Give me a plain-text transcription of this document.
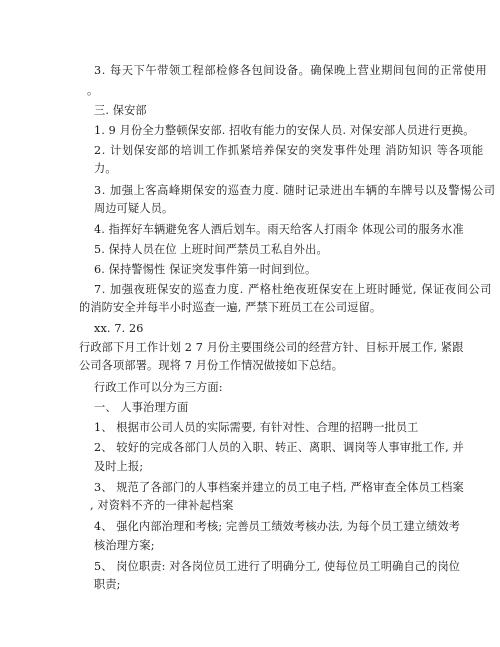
3. 每天下午带领工程部检修各包间设备。确保晚上营业期间包间的正常使用
。
三. 保安部
1. 9 月份全力整顿保安部. 招收有能力的安保人员. 对保安部人员进行更换。
2. 计划保安部的培训工作抓紧培养保安的突发事件处理 消防知识 等各项能
力。
3. 加强上客高峰期保安的巡查力度. 随时记录进出车辆的车牌号以及警惕公司
周边可疑人员。
4. 指挥好车辆避免客人酒后划车。雨天给客人打雨伞 体现公司的服务水准
5. 保持人员在位 上班时间严禁员工私自外出。
6. 保持警惕性 保证突发事件第一时间到位。
7. 加强夜班保安的巡查力度. 严格杜绝夜班保安在上班时睡觉, 保证夜间公司
的消防安全并每半小时巡查一遍, 严禁下班员工在公司逗留。
xx. 7. 26
行政部下月工作计划 2 7 月份主要围绕公司的经营方针、目标开展工作, 紧跟
公司各项部署。现将 7 月份工作情况做接如下总结。
行政工作可以分为三方面:
一、 人事治理方面
1、 根据市公司人员的实际需要, 有针对性、合理的招聘一批员工
2、 较好的完成各部门人员的入职、转正、离职、调岗等人事审批工作, 并
及时上报;
3、 规范了各部门的人事档案并建立的员工电子档, 严格审查全体员工档案
, 对资料不齐的一律补起档案
4、 强化内部治理和考核; 完善员工绩效考核办法, 为每个员工建立绩效考
核治理方案;
5、 岗位职责: 对各岗位员工进行了明确分工, 使每位员工明确自己的岗位
职责;
